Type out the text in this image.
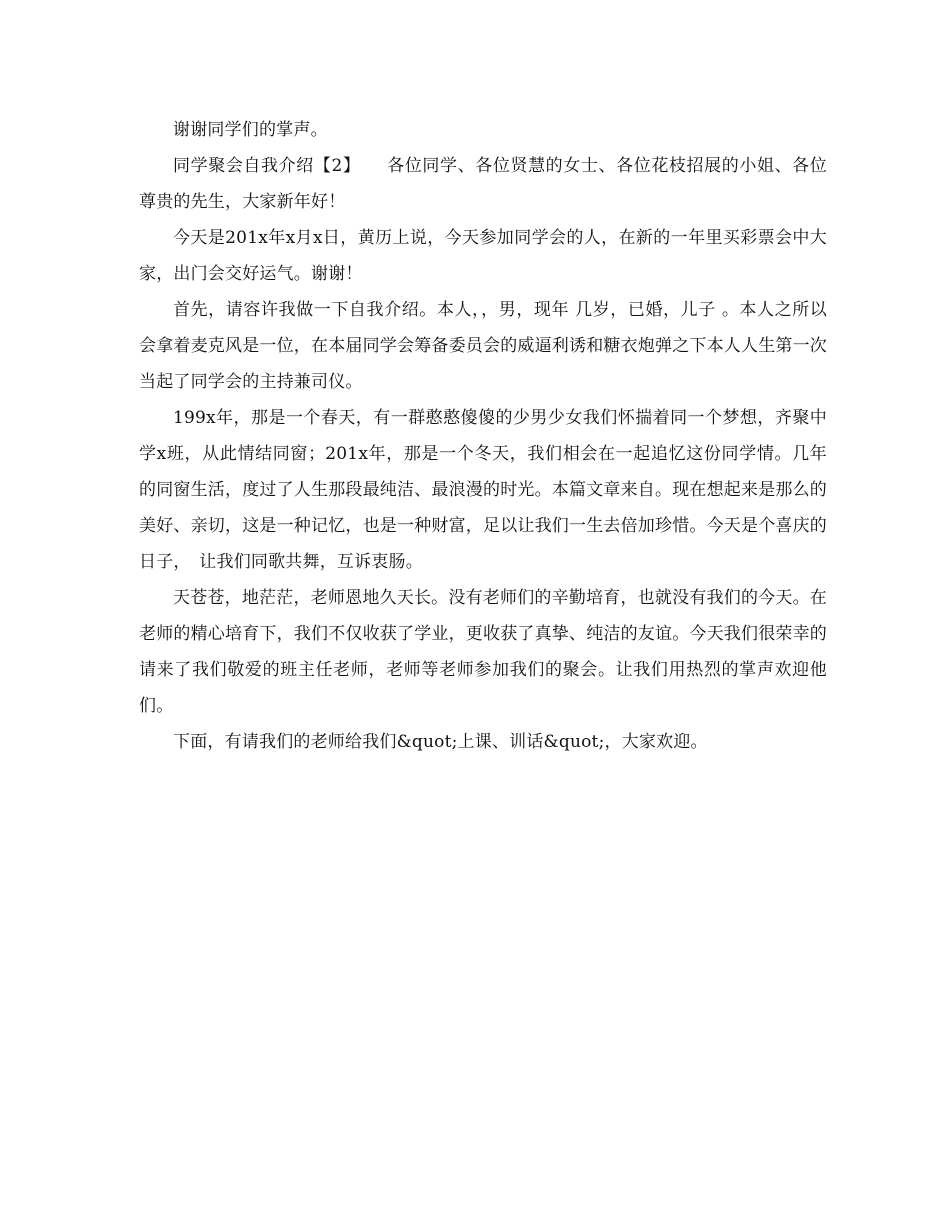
谢谢同学们的掌声。

同学聚会自我介绍【2】　　各位同学、各位贤慧的女士、各位花枝招展的小姐、各位尊贵的先生，大家新年好！

今天是201x年x月x日，黄历上说，今天参加同学会的人，在新的一年里买彩票会中大家，出门会交好运气。谢谢！

首先，请容许我做一下自我介绍。本人，，男，现年 几岁，已婚，儿子 。本人之所以会拿着麦克风是一位，在本届同学会筹备委员会的威逼利诱和糖衣炮弹之下本人人生第一次当起了同学会的主持兼司仪。

199x年，那是一个春天，有一群憨憨傻傻的少男少女我们怀揣着同一个梦想，齐聚中学x班，从此情结同窗；201x年，那是一个冬天，我们相会在一起追忆这份同学情。几年的同窗生活，度过了人生那段最纯洁、最浪漫的时光。本篇文章来自。现在想起来是那么的美好、亲切，这是一种记忆，也是一种财富，足以让我们一生去倍加珍惜。今天是个喜庆的日子，　让我们同歌共舞，互诉衷肠。

天苍苍，地茫茫，老师恩地久天长。没有老师们的辛勤培育，也就没有我们的今天。在老师的精心培育下，我们不仅收获了学业，更收获了真挚、纯洁的友谊。今天我们很荣幸的请来了我们敬爱的班主任老师，老师等老师参加我们的聚会。让我们用热烈的掌声欢迎他们。

下面，有请我们的老师给我们&quot;上课、训话&quot;，大家欢迎。
